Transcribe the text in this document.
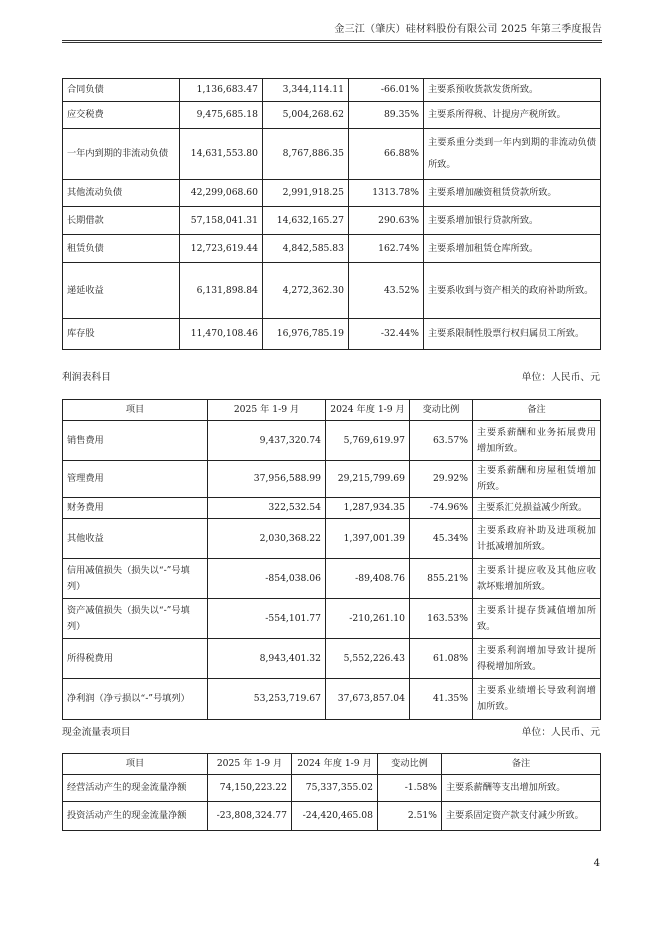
金三江（肇庆）硅材料股份有限公司 2025 年第三季度报告
合同负债	1,136,683.47	3,344,114.11	-66.01%	主要系预收货款发货所致。
应交税费	9,475,685.18	5,004,268.62	89.35%	主要系所得税、计提房产税所致。
一年内到期的非流动负债	14,631,553.80	8,767,886.35	66.88%	主要系重分类到一年内到期的非流动负债所致。
其他流动负债	42,299,068.60	2,991,918.25	1313.78%	主要系增加融资租赁贷款所致。
长期借款	57,158,041.31	14,632,165.27	290.63%	主要系增加银行贷款所致。
租赁负债	12,723,619.44	4,842,585.83	162.74%	主要系增加租赁仓库所致。
递延收益	6,131,898.84	4,272,362.30	43.52%	主要系收到与资产相关的政府补助所致。
库存股	11,470,108.46	16,976,785.19	-32.44%	主要系限制性股票行权归属员工所致。
利润表科目	单位：人民币、元
项目	2025 年 1-9 月	2024 年度 1-9 月	变动比例	备注
销售费用	9,437,320.74	5,769,619.97	63.57%	主要系薪酬和业务拓展费用增加所致。
管理费用	37,956,588.99	29,215,799.69	29.92%	主要系薪酬和房屋租赁增加所致。
财务费用	322,532.54	1,287,934.35	-74.96%	主要系汇兑损益减少所致。
其他收益	2,030,368.22	1,397,001.39	45.34%	主要系政府补助及进项税加计抵减增加所致。
信用减值损失（损失以“-”号填列）	-854,038.06	-89,408.76	855.21%	主要系计提应收及其他应收款坏账增加所致。
资产减值损失（损失以“-”号填列）	-554,101.77	-210,261.10	163.53%	主要系计提存货减值增加所致。
所得税费用	8,943,401.32	5,552,226.43	61.08%	主要系利润增加导致计提所得税增加所致。
净利润（净亏损以“-”号填列）	53,253,719.67	37,673,857.04	41.35%	主要系业绩增长导致利润增加所致。
现金流量表项目	单位：人民币、元
项目	2025 年 1-9 月	2024 年度 1-9 月	变动比例	备注
经营活动产生的现金流量净额	74,150,223.22	75,337,355.02	-1.58%	主要系薪酬等支出增加所致。
投资活动产生的现金流量净额	-23,808,324.77	-24,420,465.08	2.51%	主要系固定资产款支付减少所致。
4
